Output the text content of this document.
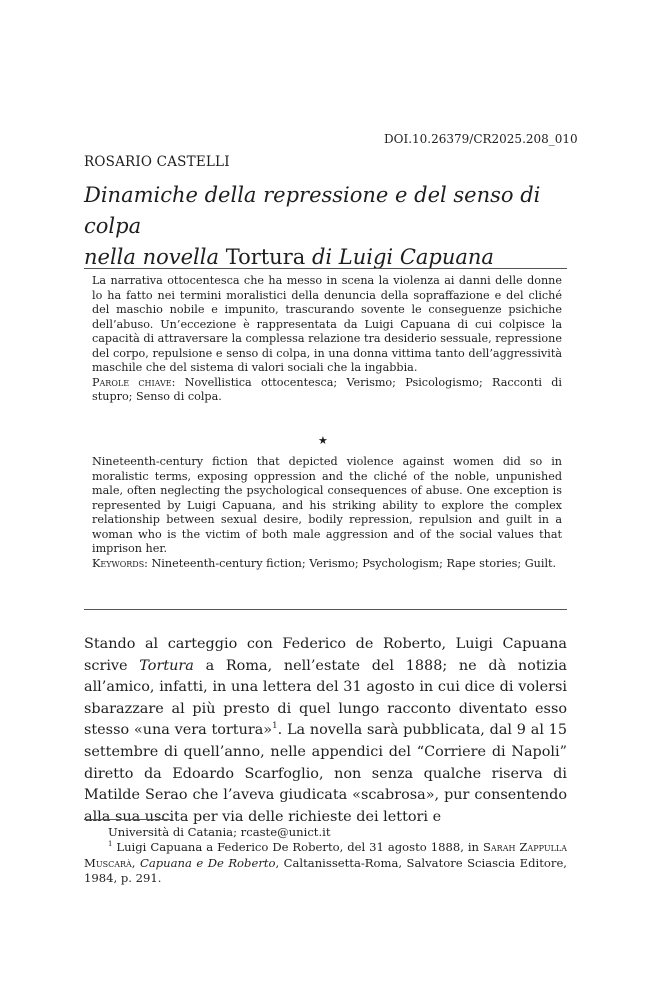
DOI.10.26379/CR2025.208_010
ROSARIO CASTELLI
Dinamiche della repressione e del senso di colpa
nella novella Tortura di Luigi Capuana

La narrativa ottocentesca che ha messo in scena la violenza ai danni delle donne lo ha fatto nei termini moralistici della denuncia della sopraffazione e del cliché del maschio nobile e impunito, trascurando sovente le conseguenze psichiche dell’abuso. Un’eccezione è rappresentata da Luigi Capuana di cui colpisce la capacità di attraversare la complessa relazione tra desiderio sessuale, repressione del corpo, repulsione e senso di colpa, in una donna vittima tanto dell’aggressività maschile che del sistema di valori sociali che la ingabbia.
Parole chiave: Novellistica ottocentesca; Verismo; Psicologismo; Racconti di stupro; Senso di colpa.

★

Nineteenth-century fiction that depicted violence against women did so in moralistic terms, exposing oppression and the cliché of the noble, unpunished male, often neglecting the psychological consequences of abuse. One exception is represented by Luigi Capuana, and his striking ability to explore the complex relationship between sexual desire, bodily repression, repulsion and guilt in a woman who is the victim of both male aggression and of the social values that imprison her.
Keywords: Nineteenth-century fiction; Verismo; Psychologism; Rape stories; Guilt.

Stando al carteggio con Federico de Roberto, Luigi Capuana scrive Tortura a Roma, nell’estate del 1888; ne dà notizia all’amico, infatti, in una lettera del 31 agosto in cui dice di volersi sbarazzare al più presto di quel lungo racconto diventato esso stesso «una vera tortura»$^1$. La novella sarà pubblicata, dal 9 al 15 settembre di quell’anno, nelle appendici del “Corriere di Napoli” diretto da Edoardo Scarfoglio, non senza qualche riserva di Matilde Serao che l’aveva giudicata «scabrosa», pur consentendo alla sua uscita per via delle richieste dei lettori e

Università di Catania; rcaste@unict.it

$^1$ Luigi Capuana a Federico De Roberto, del 31 agosto 1888, in Sarah Zappulla Muscarà, Capuana e De Roberto, Caltanissetta-Roma, Salvatore Sciascia Editore, 1984, p. 291.
